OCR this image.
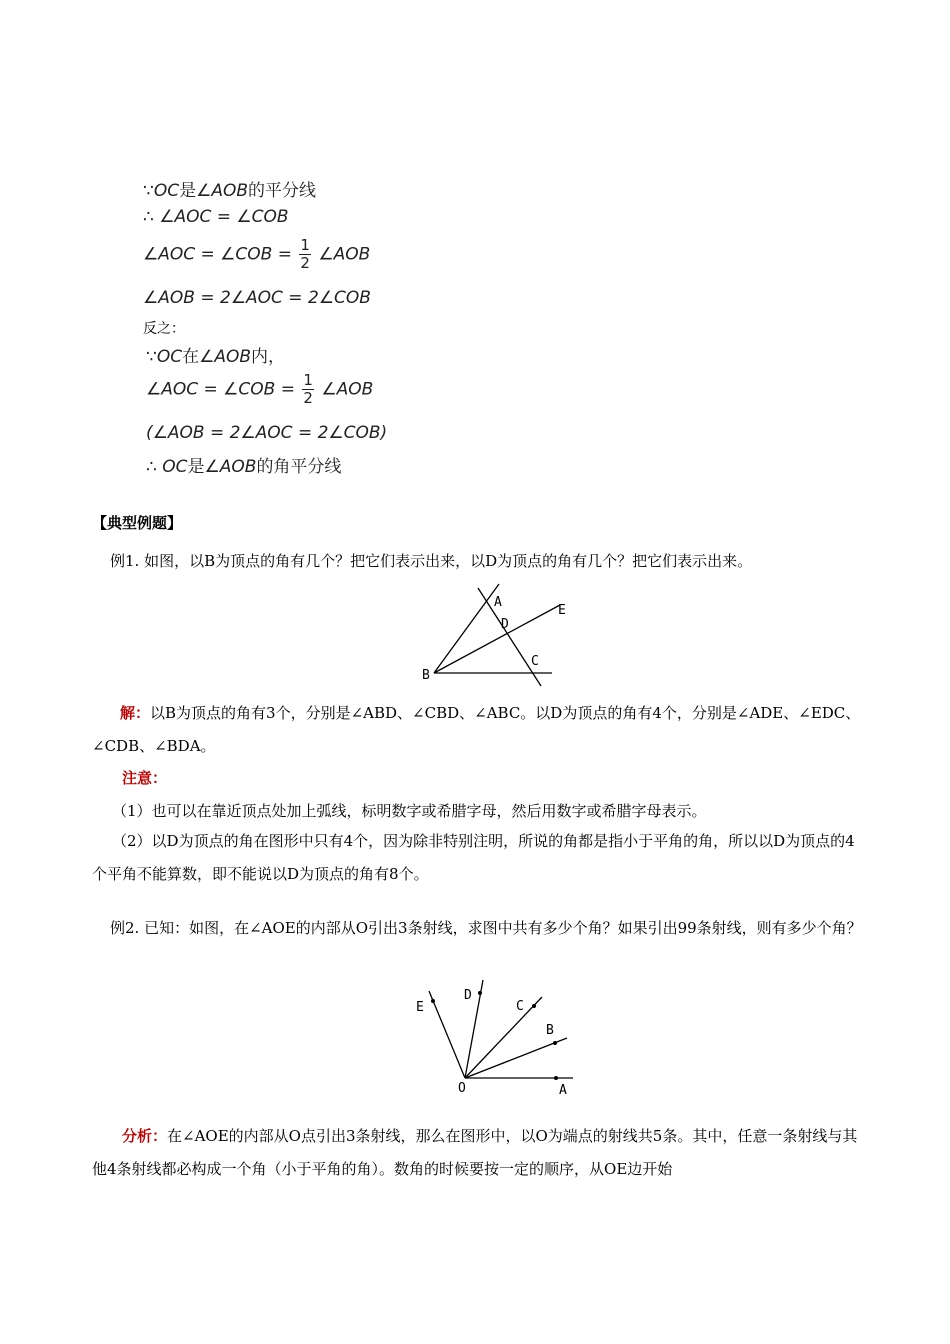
∵OC是∠AOB的平分线
∴ ∠AOC = ∠COB
∠AOC = ∠COB = $\frac{1}{2}$ ∠AOB
∠AOB = 2∠AOC = 2∠COB
反之：
∵OC在∠AOB内，
∠AOC = ∠COB = $\frac{1}{2}$ ∠AOB
(∠AOB = 2∠AOC = 2∠COB)
∴ OC是∠AOB的角平分线
【典型例题】
例1. 如图，以B为顶点的角有几个？把它们表示出来，以D为顶点的角有几个？把它们表示出来。
A
E
D
C
B
解：以B为顶点的角有3个，分别是∠ABD、∠CBD、∠ABC。以D为顶点的角有4个，分别是∠ADE、∠EDC、∠CDB、∠BDA。
注意：
（1）也可以在靠近顶点处加上弧线，标明数字或希腊字母，然后用数字或希腊字母表示。
（2）以D为顶点的角在图形中只有4个，因为除非特别注明，所说的角都是指小于平角的角，所以以D为顶点的4个平角不能算数，即不能说以D为顶点的角有8个。
例2. 已知：如图，在∠AOE的内部从O引出3条射线，求图中共有多少个角？如果引出99条射线，则有多少个角？
A
B
C
D
E
O
分析：在∠AOE的内部从O点引出3条射线，那么在图形中，以O为端点的射线共5条。其中，任意一条射线与其他4条射线都必构成一个角（小于平角的角）。数角的时候要按一定的顺序，从OE边开始
